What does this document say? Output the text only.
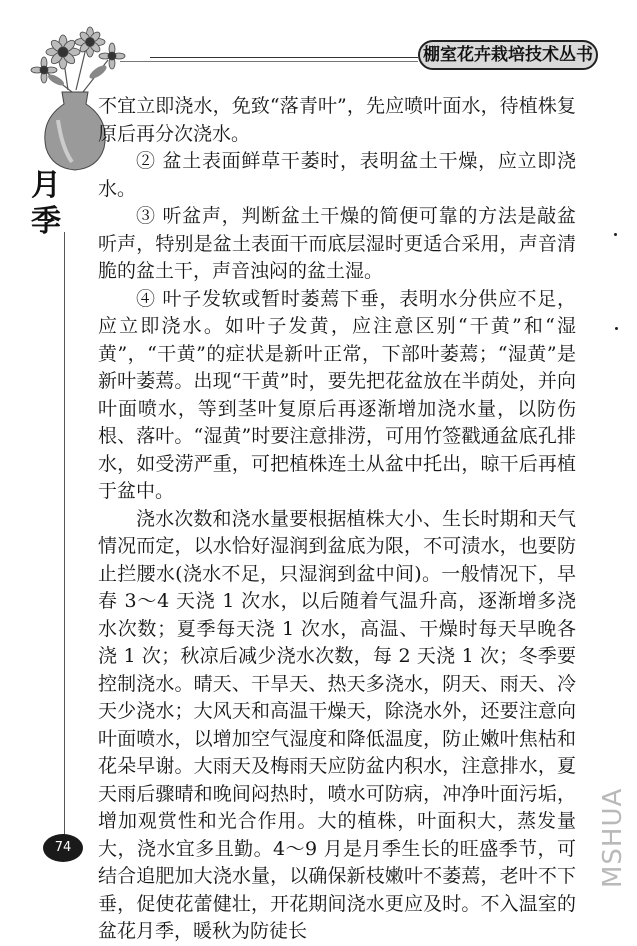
棚室花卉栽培技术丛书
月
季

不宜立即浇水，免致“落青叶”，先应喷叶面水，待植株复原后再分次浇水。

② 盆土表面鲜草干萎时，表明盆土干燥，应立即浇水。

③ 听盆声，判断盆土干燥的简便可靠的方法是敲盆听声，特别是盆土表面干而底层湿时更适合采用，声音清脆的盆土干，声音浊闷的盆土湿。

④ 叶子发软或暂时萎蔫下垂，表明水分供应不足，应立即浇水。如叶子发黄，应注意区别“干黄”和“湿黄”，“干黄”的症状是新叶正常，下部叶萎蔫；“湿黄”是新叶萎蔫。出现“干黄”时，要先把花盆放在半荫处，并向叶面喷水，等到茎叶复原后再逐渐增加浇水量，以防伤根、落叶。“湿黄”时要注意排涝，可用竹签戳通盆底孔排水，如受涝严重，可把植株连土从盆中托出，晾干后再植于盆中。

浇水次数和浇水量要根据植株大小、生长时期和天气情况而定，以水恰好湿润到盆底为限，不可渍水，也要防止拦腰水(浇水不足，只湿润到盆中间)。一般情况下，早春 3～4 天浇 1 次水，以后随着气温升高，逐渐增多浇水次数；夏季每天浇 1 次水，高温、干燥时每天早晚各浇 1 次；秋凉后减少浇水次数，每 2 天浇 1 次；冬季要控制浇水。晴天、干旱天、热天多浇水，阴天、雨天、冷天少浇水；大风天和高温干燥天，除浇水外，还要注意向叶面喷水，以增加空气湿度和降低温度，防止嫩叶焦枯和花朵早谢。大雨天及梅雨天应防盆内积水，注意排水，夏天雨后骤晴和晚间闷热时，喷水可防病，冲净叶面污垢，增加观赏性和光合作用。大的植株，叶面积大，蒸发量大，浇水宜多且勤。4～9 月是月季生长的旺盛季节，可结合追肥加大浇水量，以确保新枝嫩叶不萎蔫，老叶不下垂，促使花蕾健壮，开花期间浇水更应及时。不入温室的盆花月季，暖秋为防徒长

74	MSHUA
